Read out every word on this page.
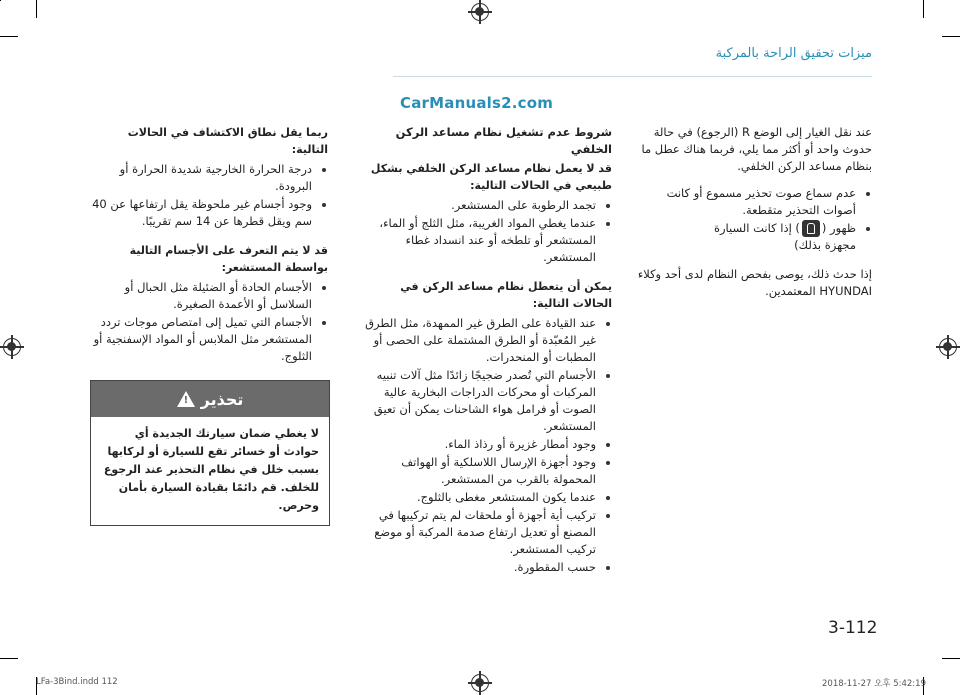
ميزات تحقيق الراحة بالمركبة
CarManuals2.com

عند نقل الغيار إلى الوضع R (الرجوع) في حالة حدوث واحد أو أكثر مما يلي، فربما هناك عطل ما بنظام مساعد الركن الخلفي.

• عدم سماع صوت تحذير مسموع أو كانت أصوات التحذير متقطعة.
• ظهور () إذا كانت السيارة
مجهزة بذلك)

إذا حدث ذلك، يوصى بفحص النظام لدى أحد وكلاء HYUNDAI المعتمدين.

شروط عدم تشغيل نظام مساعد الركن الخلفي
قد لا يعمل نظام مساعد الركن الخلفي بشكل طبيعي في الحالات التالية:
• تجمد الرطوبة على المستشعر.
• عندما يغطي المواد الغريبة، مثل الثلج أو الماء، المستشعر أو تلطخه أو عند انسداد غطاء المستشعر.
يمكن أن يتعطل نظام مساعد الركن في الحالات التالية:
• عند القيادة على الطرق غير الممهدة، مثل الطرق غير المُعبّدة أو الطرق المشتملة على الحصى أو المطبات أو المنحدرات.
• الأجسام التي تُصدر ضجيجًا زائدًا مثل آلات تنبيه المركبات أو محركات الدراجات البخارية عالية الصوت أو فرامل هواء الشاحنات يمكن أن تعيق المستشعر.
• وجود أمطار غزيرة أو رذاذ الماء.
• وجود أجهزة الإرسال اللاسلكية أو الهواتف المحمولة بالقرب من المستشعر.
• عندما يكون المستشعر مغطى بالثلوج.
• تركيب أية أجهزة أو ملحقات لم يتم تركيبها في المصنع أو تعديل ارتفاع صدمة المركبة أو موضع تركيب المستشعر.
• حسب المقطورة.
ربما يقل نطاق الاكتشاف في الحالات التالية:
• درجة الحرارة الخارجية شديدة الحرارة أو البرودة.
• وجود أجسام غير ملحوظة يقل ارتفاعها عن 40 سم ويقل قطرها عن 14 سم تقريبًا.
قد لا يتم التعرف على الأجسام التالية بواسطة المستشعر:
• الأجسام الحادة أو الضئيلة مثل الحبال أو السلاسل أو الأعمدة الصغيرة.
• الأجسام التي تميل إلى امتصاص موجات تردد المستشعر مثل الملابس أو المواد الإسفنجية أو الثلوج.
تحذير
!
لا يغطي ضمان سيارتك الجديدة أي حوادث أو خسائر تقع للسيارة أو لركابها بسبب خلل في نظام التحذير عند الرجوع للخلف. قم دائمًا بقيادة السيارة بأمان وحرص.
3-112
LFa-3Bind.indd 112	2018-11-27 오후 5:42:19
